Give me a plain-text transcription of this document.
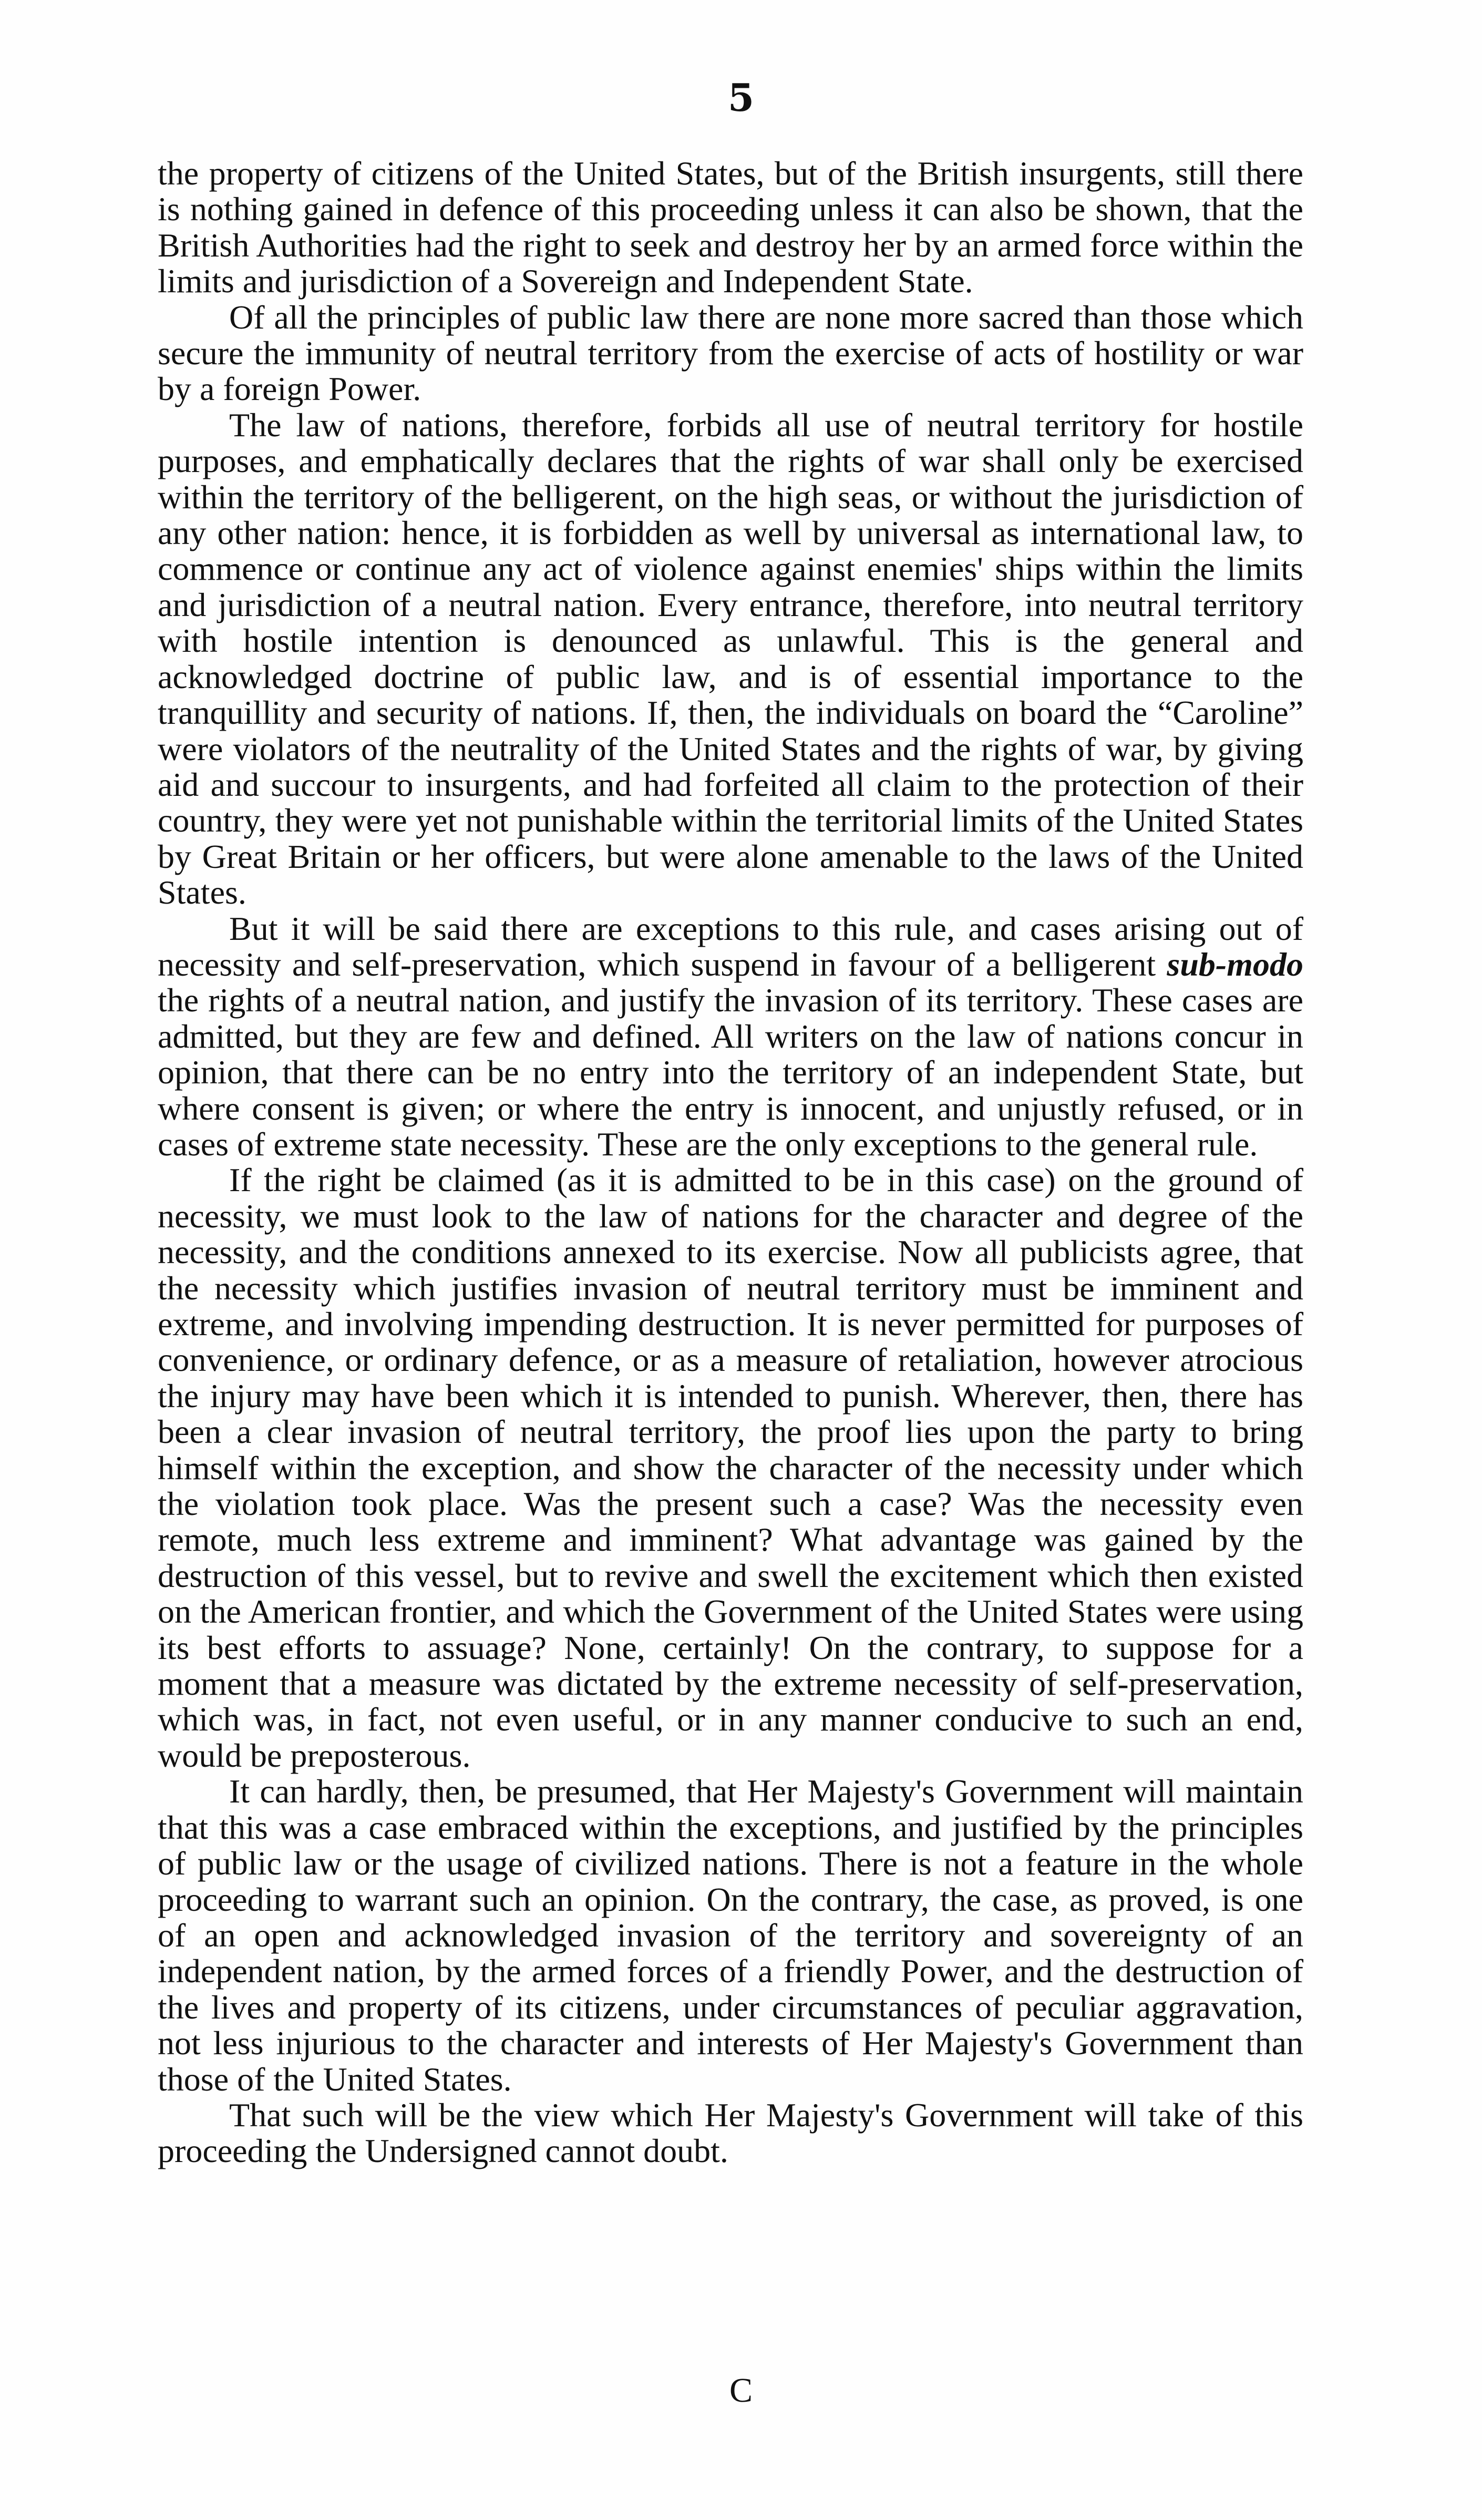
5

the property of citizens of the United States, but of the British insurgents, still there is nothing gained in defence of this proceeding unless it can also be shown, that the British Authorities had the right to seek and destroy her by an armed force within the limits and jurisdiction of a Sovereign and Independent State.

Of all the principles of public law there are none more sacred than those which secure the immunity of neutral territory from the exercise of acts of hostility or war by a foreign Power.

The law of nations, therefore, forbids all use of neutral territory for hostile purposes, and emphatically declares that the rights of war shall only be exercised within the territory of the belligerent, on the high seas, or without the jurisdiction of any other nation: hence, it is forbidden as well by universal as international law, to commence or continue any act of violence against enemies' ships within the limits and jurisdiction of a neutral nation. Every entrance, therefore, into neutral territory with hostile intention is denounced as unlawful. This is the general and acknowledged doctrine of public law, and is of essential importance to the tranquillity and security of nations. If, then, the individuals on board the “Caroline” were violators of the neutrality of the United States and the rights of war, by giving aid and succour to insurgents, and had forfeited all claim to the protection of their country, they were yet not punishable within the territorial limits of the United States by Great Britain or her officers, but were alone amenable to the laws of the United States.

But it will be said there are exceptions to this rule, and cases arising out of necessity and self-preservation, which suspend in favour of a belligerent sub-modo the rights of a neutral nation, and justify the invasion of its territory. These cases are admitted, but they are few and defined. All writers on the law of nations concur in opinion, that there can be no entry into the territory of an independent State, but where consent is given; or where the entry is innocent, and unjustly refused, or in cases of extreme state necessity. These are the only exceptions to the general rule.

If the right be claimed (as it is admitted to be in this case) on the ground of necessity, we must look to the law of nations for the character and degree of the necessity, and the conditions annexed to its exercise. Now all publicists agree, that the necessity which justifies invasion of neutral territory must be imminent and extreme, and involving impending destruction. It is never permitted for purposes of convenience, or ordinary defence, or as a measure of retaliation, however atrocious the injury may have been which it is intended to punish. Wherever, then, there has been a clear invasion of neutral territory, the proof lies upon the party to bring himself within the exception, and show the character of the necessity under which the violation took place. Was the present such a case? Was the necessity even remote, much less extreme and imminent? What advantage was gained by the destruction of this vessel, but to revive and swell the excitement which then existed on the American frontier, and which the Government of the United States were using its best efforts to assuage? None, certainly! On the contrary, to suppose for a moment that a measure was dictated by the extreme necessity of self-preservation, which was, in fact, not even useful, or in any manner conducive to such an end, would be preposterous.

It can hardly, then, be presumed, that Her Majesty's Government will maintain that this was a case embraced within the exceptions, and justified by the principles of public law or the usage of civilized nations. There is not a feature in the whole proceeding to warrant such an opinion. On the contrary, the case, as proved, is one of an open and acknowledged invasion of the territory and sovereignty of an independent nation, by the armed forces of a friendly Power, and the destruction of the lives and property of its citizens, under circumstances of peculiar aggravation, not less injurious to the character and interests of Her Majesty's Government than those of the United States.

That such will be the view which Her Majesty's Government will take of this proceeding the Undersigned cannot doubt.

C
